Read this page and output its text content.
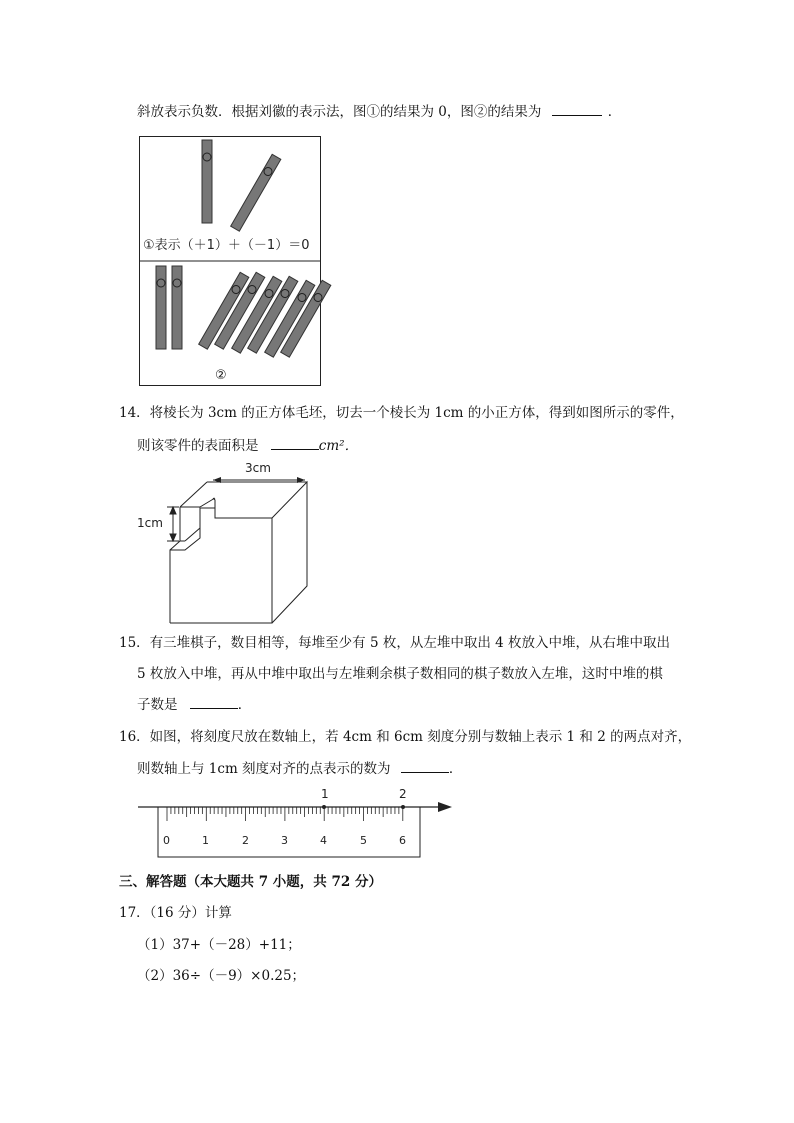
斜放表示负数．根据刘徽的表示法，图①的结果为 0，图②的结果为	．
①表示（＋1）＋（－1）＝0
②
14．将棱长为 3cm 的正方体毛坯，切去一个棱长为 1cm 的小正方体，得到如图所示的零件，
则该零件的表面积是	cm²．
3cm
1cm
15．有三堆棋子，数目相等，每堆至少有 5 枚，从左堆中取出 4 枚放入中堆，从右堆中取出
5 枚放入中堆，再从中堆中取出与左堆剩余棋子数相同的棋子数放入左堆，这时中堆的棋
子数是	．
16．如图，将刻度尺放在数轴上，若 4cm 和 6cm 刻度分别与数轴上表示 1 和 2 的两点对齐，
则数轴上与 1cm 刻度对齐的点表示的数为	．
1	2
0	1	2	3	4	5	6
三、解答题（本大题共 7 小题，共 72 分）
17．（16 分）计算
（1）37+（－28）+11；
（2）36÷（－9）×0.25；
